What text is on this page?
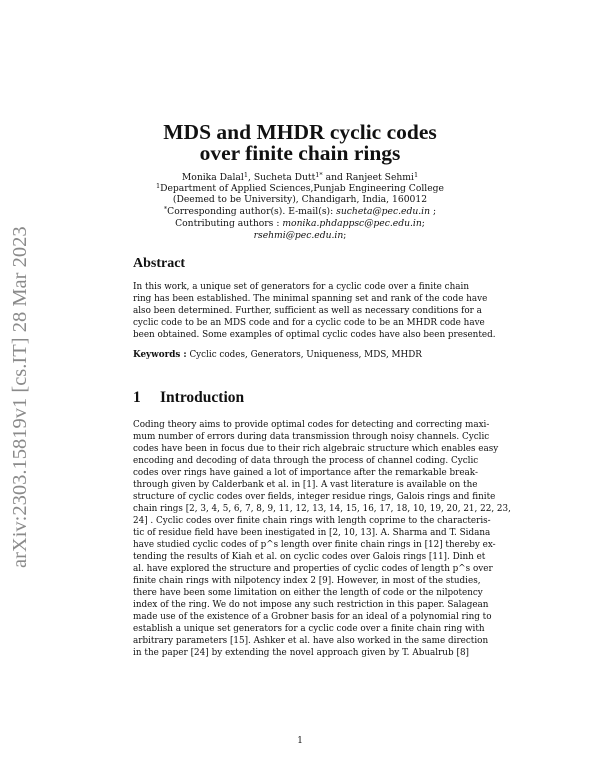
arXiv:2303.15819v1 [cs.IT] 28 Mar 2023
MDS and MHDR cyclic codes
over finite chain rings
Monika Dalal$^1$, Sucheta Dutt$^{1*}$ and Ranjeet Sehmi$^1$
$^1$Department of Applied Sciences,Punjab Engineering College
(Deemed to be University), Chandigarh, India, 160012
*Corresponding author(s). E-mail(s): sucheta@pec.edu.in ;
Contributing authors : monika.phdappsc@pec.edu.in;
rsehmi@pec.edu.in;
Abstract
In this work, a unique set of generators for a cyclic code over a finite chain
ring has been established. The minimal spanning set and rank of the code have
also been determined. Further, sufficient as well as necessary conditions for a
cyclic code to be an MDS code and for a cyclic code to be an MHDR code have
been obtained. Some examples of optimal cyclic codes have also been presented.
Keywords : Cyclic codes, Generators, Uniqueness, MDS, MHDR
1 Introduction
Coding theory aims to provide optimal codes for detecting and correcting maxi-
mum number of errors during data transmission through noisy channels. Cyclic
codes have been in focus due to their rich algebraic structure which enables easy
encoding and decoding of data through the process of channel coding. Cyclic
codes over rings have gained a lot of importance after the remarkable break-
through given by Calderbank et al. in [1]. A vast literature is available on the
structure of cyclic codes over fields, integer residue rings, Galois rings and finite
chain rings [2, 3, 4, 5, 6, 7, 8, 9, 11, 12, 13, 14, 15, 16, 17, 18, 10, 19, 20, 21, 22, 23,
24] . Cyclic codes over finite chain rings with length coprime to the characteris-
tic of residue field have been inestigated in [2, 10, 13]. A. Sharma and T. Sidana
have studied cyclic codes of p^s length over finite chain rings in [12] thereby ex-
tending the results of Kiah et al. on cyclic codes over Galois rings [11]. Dinh et
al. have explored the structure and properties of cyclic codes of length p^s over
finite chain rings with nilpotency index 2 [9]. However, in most of the studies,
there have been some limitation on either the length of code or the nilpotency
index of the ring. We do not impose any such restriction in this paper. Salagean
made use of the existence of a Grobner basis for an ideal of a polynomial ring to
establish a unique set generators for a cyclic code over a finite chain ring with
arbitrary parameters [15]. Ashker et al. have also worked in the same direction
in the paper [24] by extending the novel approach given by T. Abualrub [8]
1
